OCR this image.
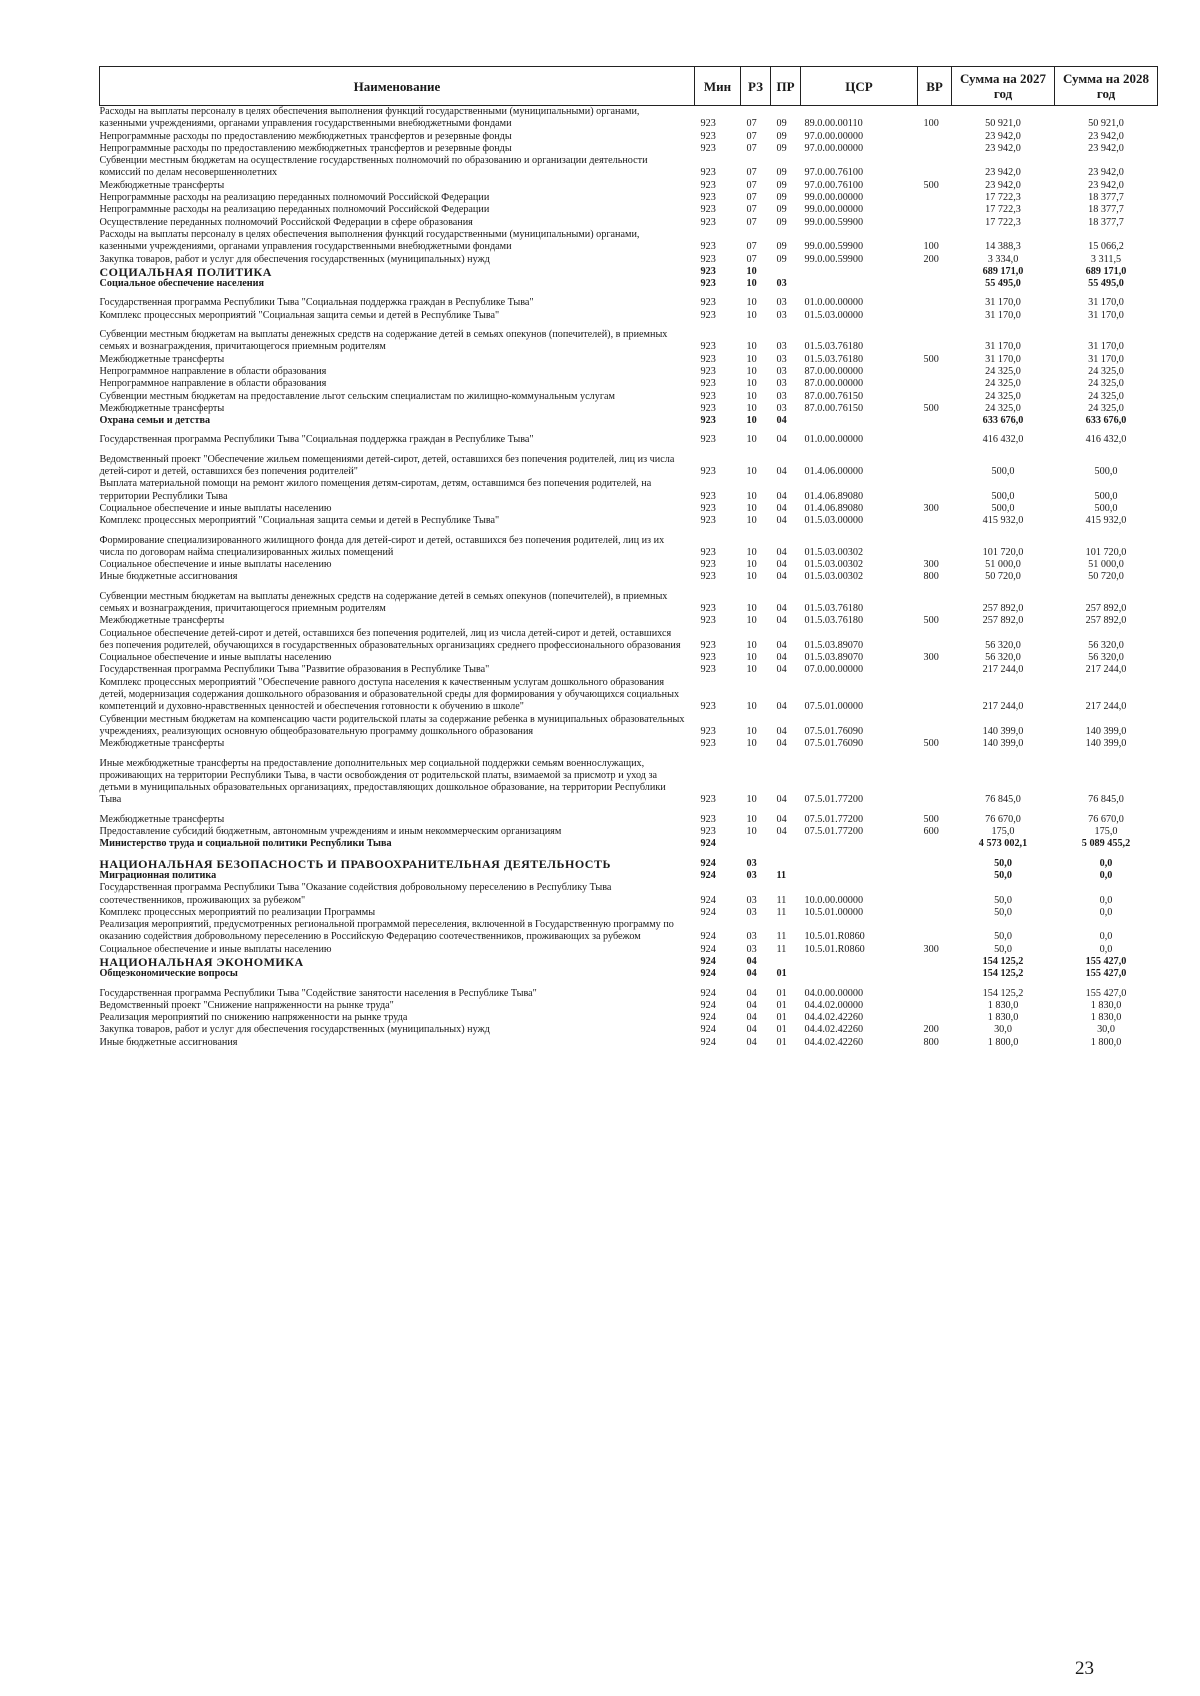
Наименование	Мин	РЗ	ПР	ЦСР	ВР	Сумма на 2027 год	Сумма на 2028 год
Расходы на выплаты персоналу в целях обеспечения выполнения функций государственными (муниципальными) органами, казенными учреждениями, органами управления государственными внебюджетными фондами	923	07	09	89.0.00.00110	100	50 921,0	50 921,0
Непрограммные расходы по предоставлению межбюджетных трансфертов и резервные фонды	923	07	09	97.0.00.00000		23 942,0	23 942,0
Непрограммные расходы по предоставлению межбюджетных трансфертов и резервные фонды	923	07	09	97.0.00.00000		23 942,0	23 942,0
Субвенции местным бюджетам на осуществление государственных полномочий по образованию и организации деятельности комиссий по делам несовершеннолетних	923	07	09	97.0.00.76100		23 942,0	23 942,0
Межбюджетные трансферты	923	07	09	97.0.00.76100	500	23 942,0	23 942,0
Непрограммные расходы на реализацию переданных полномочий Российской Федерации	923	07	09	99.0.00.00000		17 722,3	18 377,7
Непрограммные расходы на реализацию переданных полномочий Российской Федерации	923	07	09	99.0.00.00000		17 722,3	18 377,7
Осуществление переданных полномочий Российской Федерации в сфере образования	923	07	09	99.0.00.59900		17 722,3	18 377,7
Расходы на выплаты персоналу в целях обеспечения выполнения функций государственными (муниципальными) органами, казенными учреждениями, органами управления государственными внебюджетными фондами	923	07	09	99.0.00.59900	100	14 388,3	15 066,2
Закупка товаров, работ и услуг для обеспечения государственных (муниципальных) нужд	923	07	09	99.0.00.59900	200	3 334,0	3 311,5
СОЦИАЛЬНАЯ ПОЛИТИКА	923	10				689 171,0	689 171,0
Социальное обеспечение населения	923	10	03			55 495,0	55 495,0
Государственная программа Республики Тыва "Социальная поддержка граждан в Республике Тыва"	923	10	03	01.0.00.00000		31 170,0	31 170,0
Комплекс процессных мероприятий "Социальная защита семьи и детей в Республике Тыва"	923	10	03	01.5.03.00000		31 170,0	31 170,0
Субвенции местным бюджетам на выплаты денежных средств на содержание детей в семьях опекунов (попечителей), в приемных семьях и вознаграждения, причитающегося приемным родителям	923	10	03	01.5.03.76180		31 170,0	31 170,0
Межбюджетные трансферты	923	10	03	01.5.03.76180	500	31 170,0	31 170,0
Непрограммное направление в области образования	923	10	03	87.0.00.00000		24 325,0	24 325,0
Непрограммное направление в области образования	923	10	03	87.0.00.00000		24 325,0	24 325,0
Субвенции местным бюджетам на предоставление льгот сельским специалистам по жилищно-коммунальным услугам	923	10	03	87.0.00.76150		24 325,0	24 325,0
Межбюджетные трансферты	923	10	03	87.0.00.76150	500	24 325,0	24 325,0
Охрана семьи и детства	923	10	04			633 676,0	633 676,0
Государственная программа Республики Тыва "Социальная поддержка граждан в Республике Тыва"	923	10	04	01.0.00.00000		416 432,0	416 432,0
Ведомственный проект "Обеспечение жильем помещениями детей-сирот, детей, оставшихся без попечения родителей, лиц из числа детей-сирот и детей, оставшихся без попечения родителей"	923	10	04	01.4.06.00000		500,0	500,0
Выплата материальной помощи на ремонт жилого помещения детям-сиротам, детям, оставшимся без попечения родителей, на территории Республики Тыва	923	10	04	01.4.06.89080		500,0	500,0
Социальное обеспечение и иные выплаты населению	923	10	04	01.4.06.89080	300	500,0	500,0
Комплекс процессных мероприятий "Социальная защита семьи и детей в Республике Тыва"	923	10	04	01.5.03.00000		415 932,0	415 932,0
Формирование специализированного жилищного фонда для детей-сирот и детей, оставшихся без попечения родителей, лиц из их числа по договорам найма специализированных жилых помещений	923	10	04	01.5.03.00302		101 720,0	101 720,0
Социальное обеспечение и иные выплаты населению	923	10	04	01.5.03.00302	300	51 000,0	51 000,0
Иные бюджетные ассигнования	923	10	04	01.5.03.00302	800	50 720,0	50 720,0
Субвенции местным бюджетам на выплаты денежных средств на содержание детей в семьях опекунов (попечителей), в приемных семьях и вознаграждения, причитающегося приемным родителям	923	10	04	01.5.03.76180		257 892,0	257 892,0
Межбюджетные трансферты	923	10	04	01.5.03.76180	500	257 892,0	257 892,0
Социальное обеспечение детей-сирот и детей, оставшихся без попечения родителей, лиц из числа детей-сирот и детей, оставшихся без попечения родителей, обучающихся в государственных образовательных организациях среднего профессионального образования	923	10	04	01.5.03.89070		56 320,0	56 320,0
Социальное обеспечение и иные выплаты населению	923	10	04	01.5.03.89070	300	56 320,0	56 320,0
Государственная программа Республики Тыва "Развитие образования в Республике Тыва"	923	10	04	07.0.00.00000		217 244,0	217 244,0
Комплекс процессных мероприятий "Обеспечение равного доступа населения к качественным услугам дошкольного образования детей, модернизация содержания дошкольного образования и образовательной среды для формирования у обучающихся социальных компетенций и духовно-нравственных ценностей и обеспечения готовности к обучению в школе"	923	10	04	07.5.01.00000		217 244,0	217 244,0
Субвенции местным бюджетам на компенсацию части родительской платы за содержание ребенка в муниципальных образовательных учреждениях, реализующих основную общеобразовательную программу дошкольного образования	923	10	04	07.5.01.76090		140 399,0	140 399,0
Межбюджетные трансферты	923	10	04	07.5.01.76090	500	140 399,0	140 399,0
Иные межбюджетные трансферты на предоставление дополнительных мер социальной поддержки семьям военнослужащих, проживающих на территории Республики Тыва, в части освобождения от родительской платы, взимаемой за присмотр и уход за детьми в муниципальных образовательных организациях, предоставляющих дошкольное образование, на территории Республики Тыва	923	10	04	07.5.01.77200		76 845,0	76 845,0
Межбюджетные трансферты	923	10	04	07.5.01.77200	500	76 670,0	76 670,0
Предоставление субсидий бюджетным, автономным учреждениям и иным некоммерческим организациям	923	10	04	07.5.01.77200	600	175,0	175,0
Министерство труда и социальной политики Республики Тыва	924					4 573 002,1	5 089 455,2
НАЦИОНАЛЬНАЯ БЕЗОПАСНОСТЬ И ПРАВООХРАНИТЕЛЬНАЯ ДЕЯТЕЛЬНОСТЬ	924	03				50,0	0,0
Миграционная политика	924	03	11			50,0	0,0
Государственная программа Республики Тыва "Оказание содействия добровольному переселению в Республику Тыва соотечественников, проживающих за рубежом"	924	03	11	10.0.00.00000		50,0	0,0
Комплекс процессных мероприятий по реализации Программы	924	03	11	10.5.01.00000		50,0	0,0
Реализация мероприятий, предусмотренных региональной программой переселения, включенной в Государственную программу по оказанию содействия добровольному переселению в Российскую Федерацию соотечественников, проживающих за рубежом	924	03	11	10.5.01.R0860		50,0	0,0
Социальное обеспечение и иные выплаты населению	924	03	11	10.5.01.R0860	300	50,0	0,0
НАЦИОНАЛЬНАЯ ЭКОНОМИКА	924	04				154 125,2	155 427,0
Общеэкономические вопросы	924	04	01			154 125,2	155 427,0
Государственная программа Республики Тыва "Содействие занятости населения в Республике Тыва"	924	04	01	04.0.00.00000		154 125,2	155 427,0
Ведомственный проект "Снижение напряженности на рынке труда"	924	04	01	04.4.02.00000		1 830,0	1 830,0
Реализация мероприятий по снижению напряженности на рынке труда	924	04	01	04.4.02.42260		1 830,0	1 830,0
Закупка товаров, работ и услуг для обеспечения государственных (муниципальных) нужд	924	04	01	04.4.02.42260	200	30,0	30,0
Иные бюджетные ассигнования	924	04	01	04.4.02.42260	800	1 800,0	1 800,0
23
